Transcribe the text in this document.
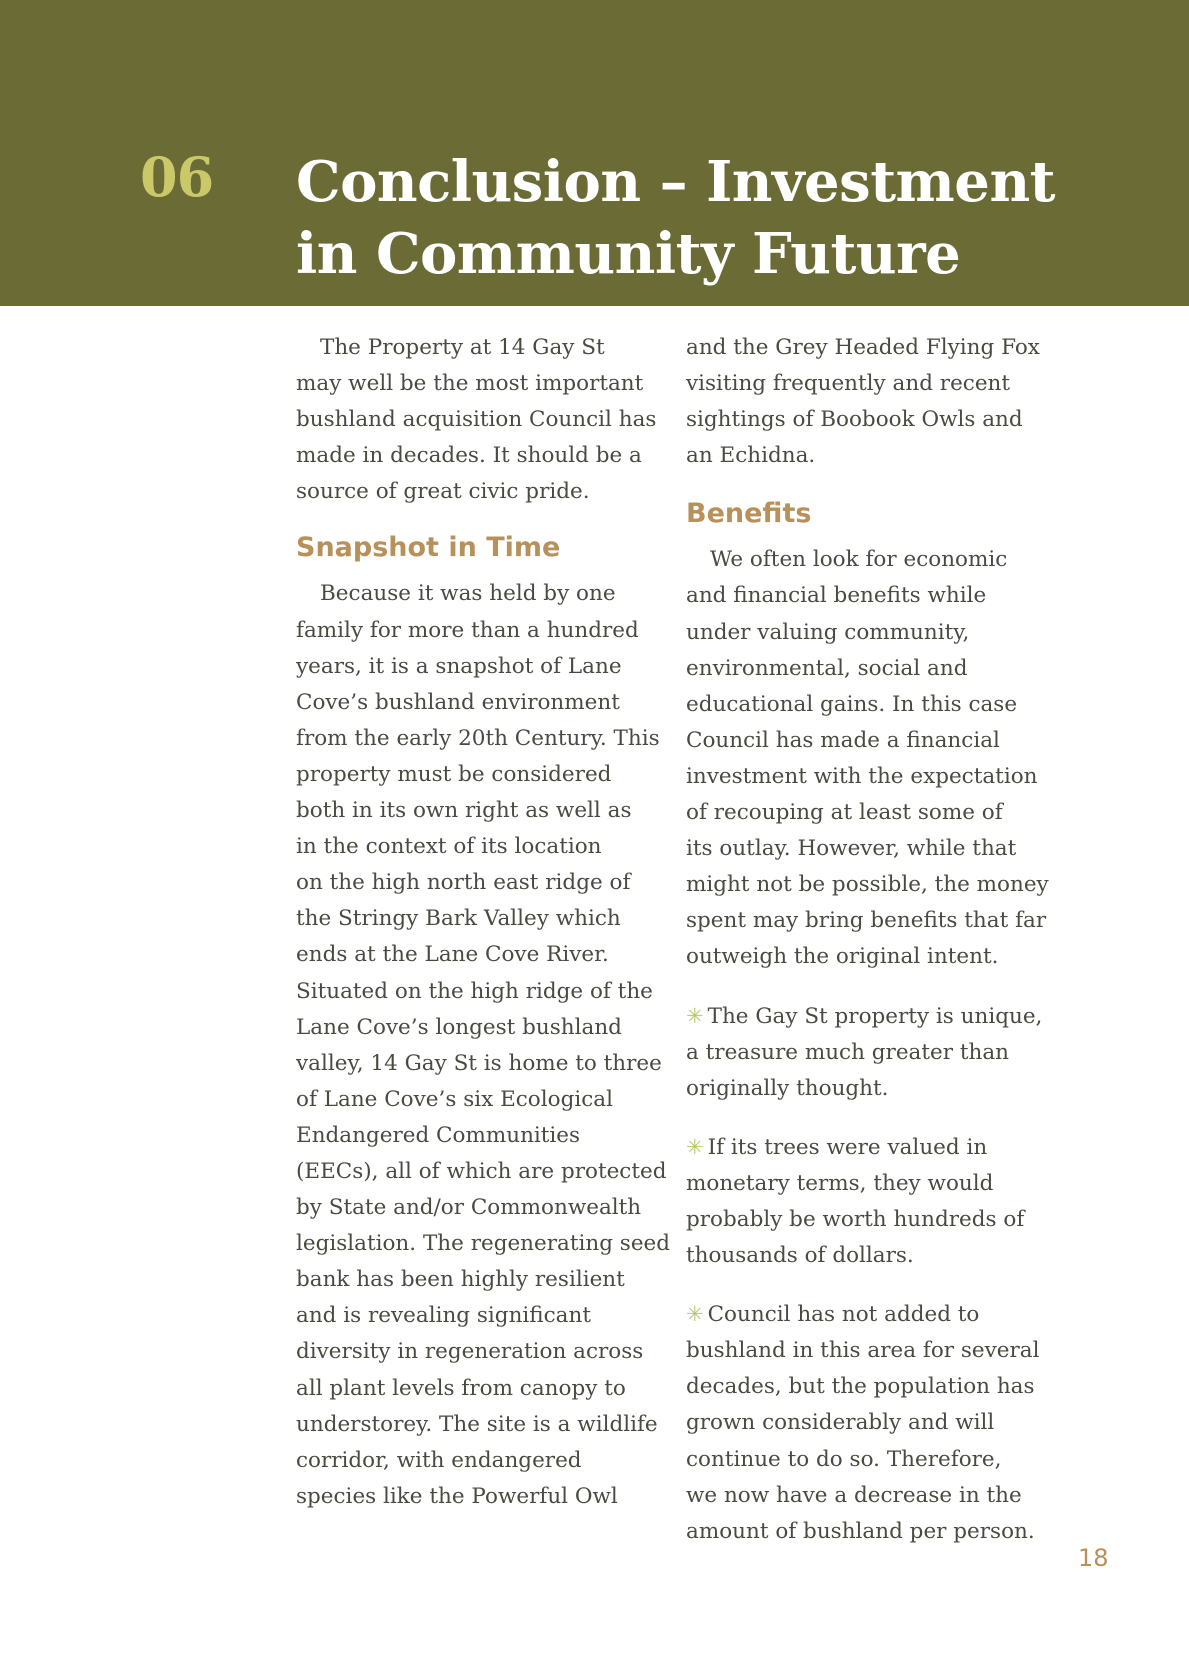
06 Conclusion – Investment
in Community Future

The Property at 14 Gay St
may well be the most important
bushland acquisition Council has
made in decades. It should be a
source of great civic pride.

Snapshot in Time

Because it was held by one
family for more than a hundred
years, it is a snapshot of Lane
Cove’s bushland environment
from the early 20th Century. This
property must be considered
both in its own right as well as
in the context of its location
on the high north east ridge of
the Stringy Bark Valley which
ends at the Lane Cove River.
Situated on the high ridge of the
Lane Cove’s longest bushland
valley, 14 Gay St is home to three
of Lane Cove’s six Ecological
Endangered Communities
(EECs), all of which are protected
by State and/or Commonwealth
legislation. The regenerating seed
bank has been highly resilient
and is revealing significant
diversity in regeneration across
all plant levels from canopy to
understorey. The site is a wildlife
corridor, with endangered
species like the Powerful Owl

and the Grey Headed Flying Fox
visiting frequently and recent
sightings of Boobook Owls and
an Echidna.

Benefits

We often look for economic
and financial benefits while
under valuing community,
environmental, social and
educational gains. In this case
Council has made a financial
investment with the expectation
of recouping at least some of
its outlay. However, while that
might not be possible, the money
spent may bring benefits that far
outweigh the original intent.

✳ The Gay St property is unique,
a treasure much greater than
originally thought.

✳ If its trees were valued in
monetary terms, they would
probably be worth hundreds of
thousands of dollars.

✳ Council has not added to
bushland in this area for several
decades, but the population has
grown considerably and will
continue to do so. Therefore,
we now have a decrease in the
amount of bushland per person.

18
